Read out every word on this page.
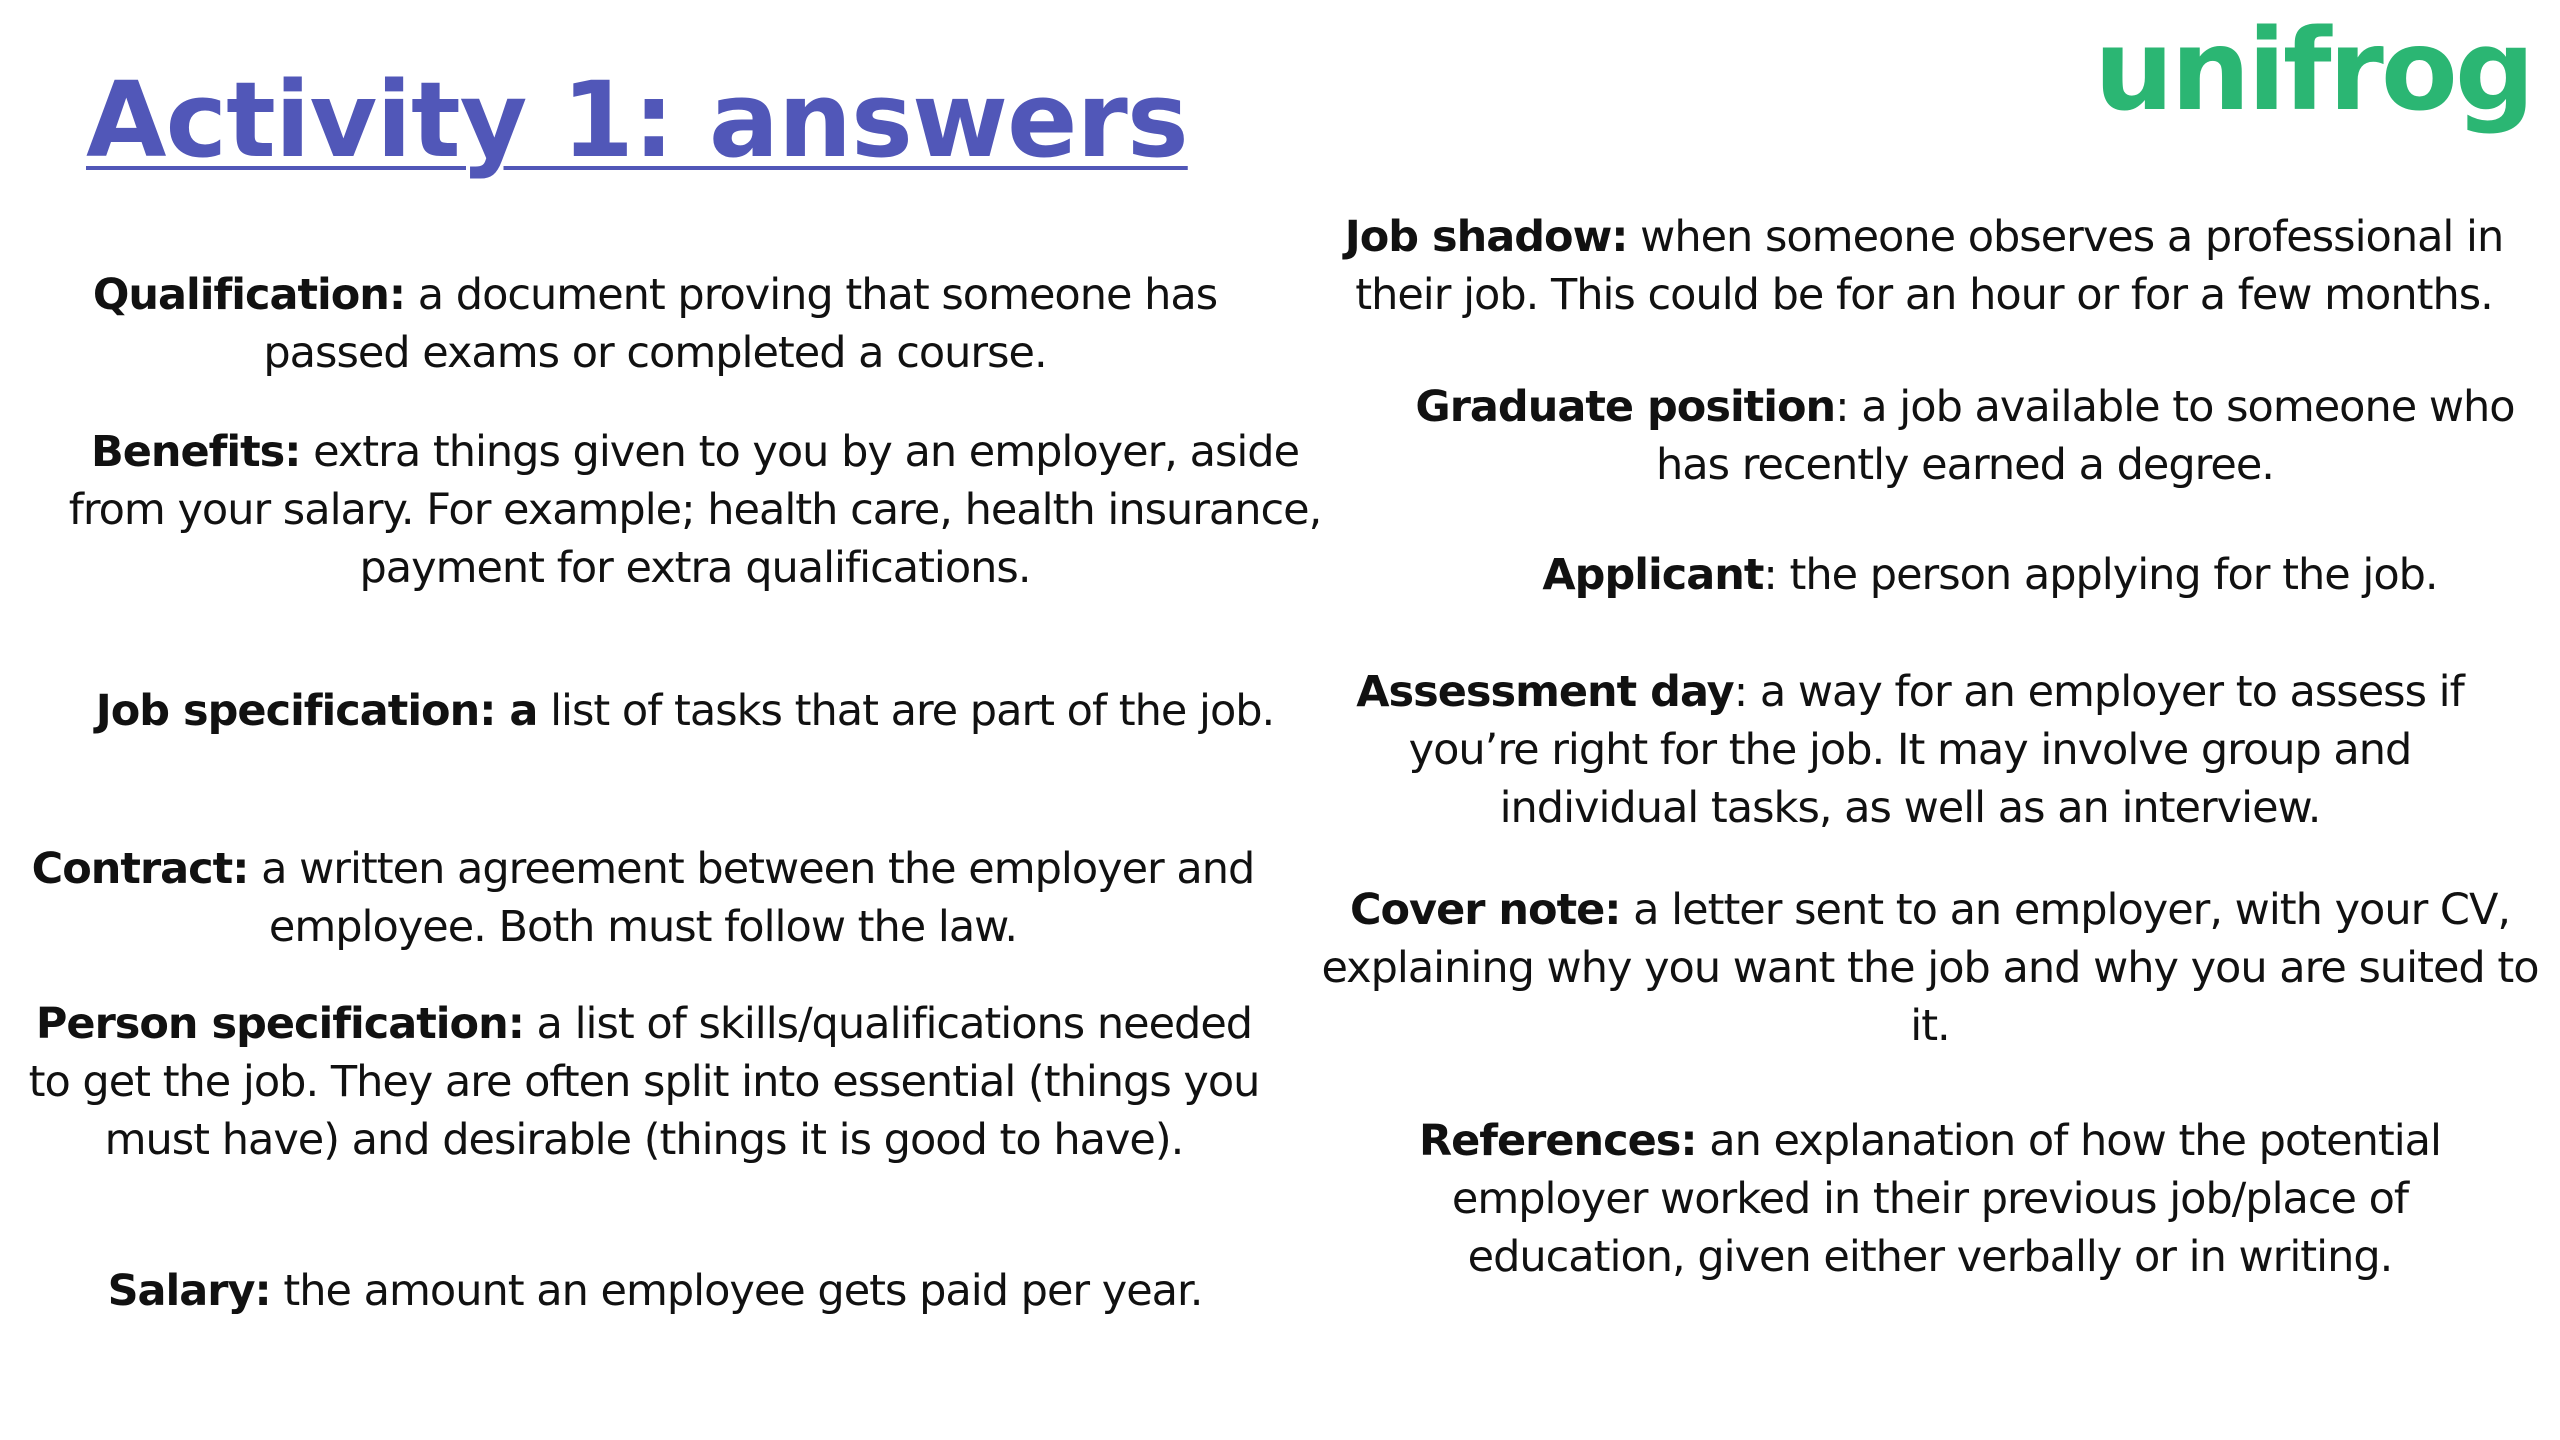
Activity 1: answers	unifrog

Qualification: a document proving that someone has passed exams or completed a course.

Benefits: extra things given to you by an employer, aside from your salary. For example; health care, health insurance, payment for extra qualifications.

Job specification: a list of tasks that are part of the job.

Contract: a written agreement between the employer and employee. Both must follow the law.

Person specification: a list of skills/qualifications needed to get the job. They are often split into essential (things you must have) and desirable (things it is good to have).

Salary: the amount an employee gets paid per year.

Job shadow: when someone observes a professional in their job. This could be for an hour or for a few months.

Graduate position: a job available to someone who has recently earned a degree.

Applicant: the person applying for the job.

Assessment day: a way for an employer to assess if you’re right for the job. It may involve group and individual tasks, as well as an interview.

Cover note: a letter sent to an employer, with your CV, explaining why you want the job and why you are suited to it.

References: an explanation of how the potential employer worked in their previous job/place of education, given either verbally or in writing.
